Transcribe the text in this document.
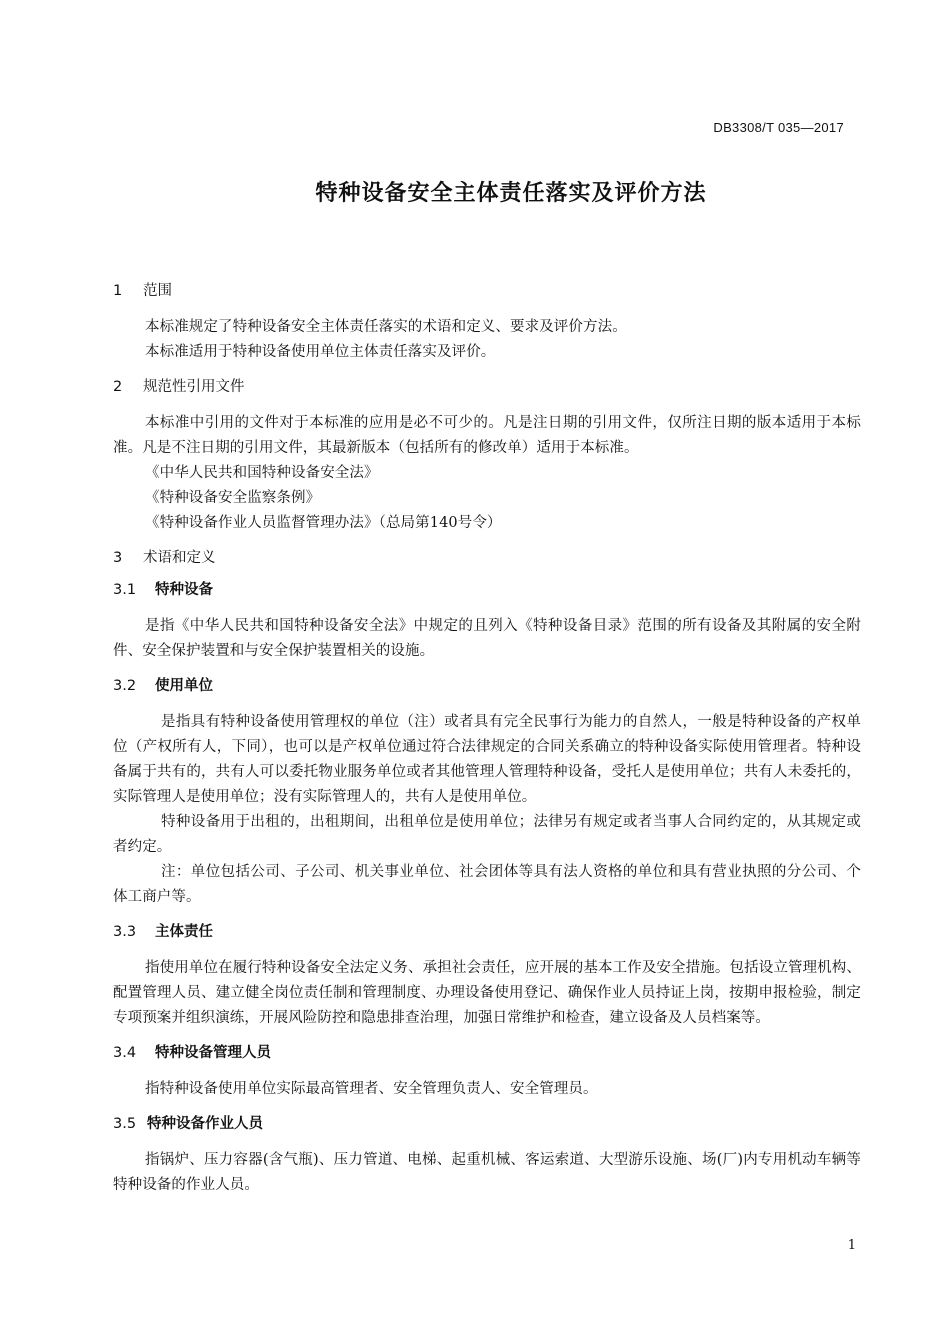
DB3308/T 035—2017
特种设备安全主体责任落实及评价方法
1	范围

本标准规定了特种设备安全主体责任落实的术语和定义、要求及评价方法。

本标准适用于特种设备使用单位主体责任落实及评价。

2	规范性引用文件

本标准中引用的文件对于本标准的应用是必不可少的。凡是注日期的引用文件，仅所注日期的版本适用于本标准。凡是不注日期的引用文件，其最新版本（包括所有的修改单）适用于本标准。

《中华人民共和国特种设备安全法》

《特种设备安全监察条例》

《特种设备作业人员监督管理办法》（总局第140号令）

3	术语和定义
3.1	特种设备

是指《中华人民共和国特种设备安全法》中规定的且列入《特种设备目录》范围的所有设备及其附属的安全附件、安全保护装置和与安全保护装置相关的设施。

3.2	使用单位

是指具有特种设备使用管理权的单位（注）或者具有完全民事行为能力的自然人，一般是特种设备的产权单位（产权所有人，下同），也可以是产权单位通过符合法律规定的合同关系确立的特种设备实际使用管理者。特种设备属于共有的，共有人可以委托物业服务单位或者其他管理人管理特种设备，受托人是使用单位；共有人未委托的，实际管理人是使用单位；没有实际管理人的，共有人是使用单位。

特种设备用于出租的，出租期间，出租单位是使用单位；法律另有规定或者当事人合同约定的，从其规定或者约定。

注：单位包括公司、子公司、机关事业单位、社会团体等具有法人资格的单位和具有营业执照的分公司、个体工商户等。

3.3	主体责任

指使用单位在履行特种设备安全法定义务、承担社会责任，应开展的基本工作及安全措施。包括设立管理机构、配置管理人员、建立健全岗位责任制和管理制度、办理设备使用登记、确保作业人员持证上岗，按期申报检验，制定专项预案并组织演练，开展风险防控和隐患排查治理，加强日常维护和检查，建立设备及人员档案等。

3.4	特种设备管理人员

指特种设备使用单位实际最高管理者、安全管理负责人、安全管理员。

3.5 特种设备作业人员

指锅炉、压力容器(含气瓶)、压力管道、电梯、起重机械、客运索道、大型游乐设施、场(厂)内专用机动车辆等特种设备的作业人员。

1
